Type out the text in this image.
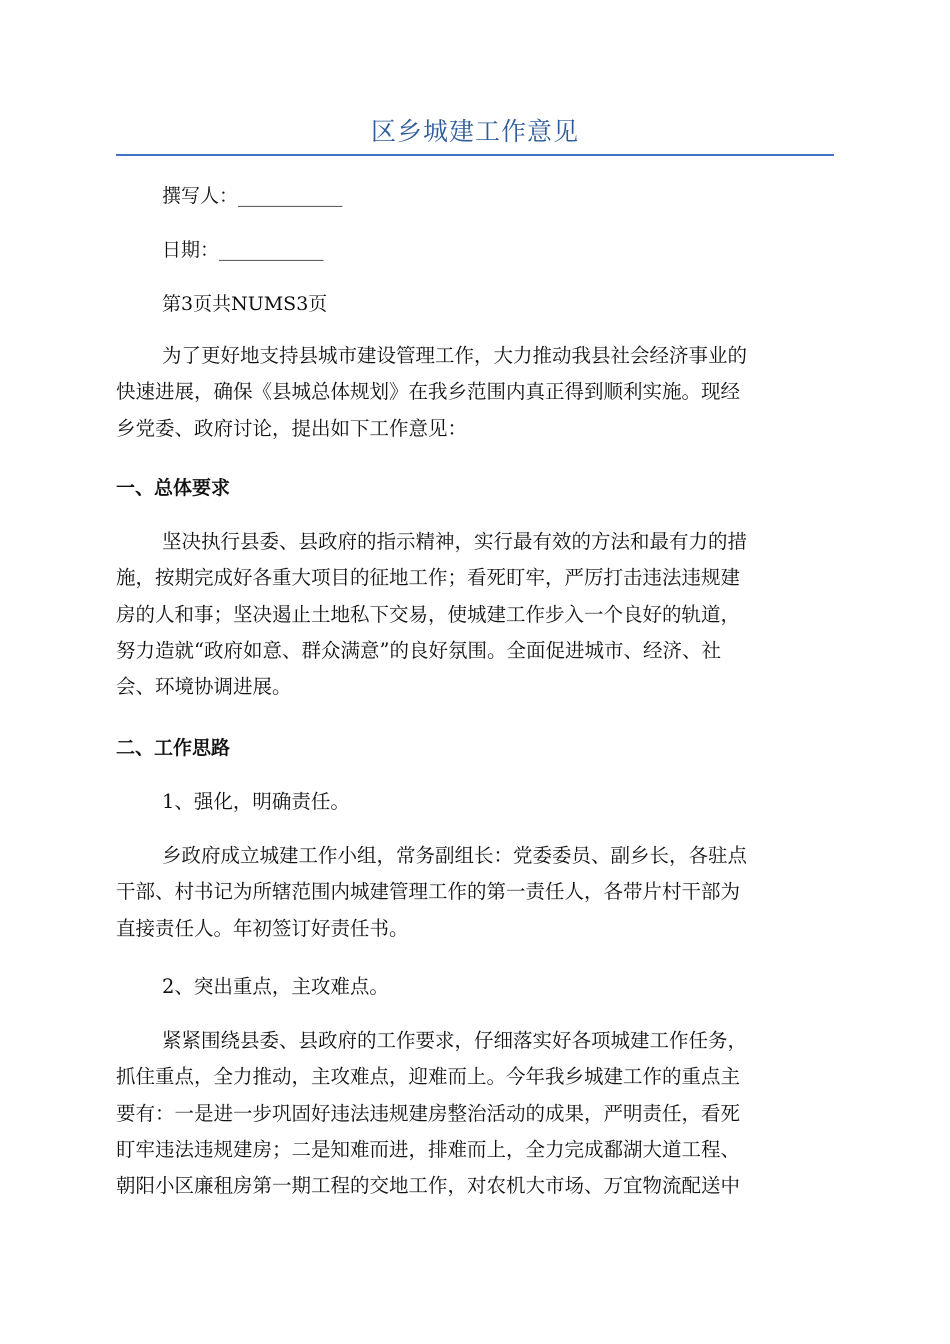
区乡城建工作意见
撰写人：___________
日期：___________
第3页共NUMS3页
为了更好地支持县城市建设管理工作，大力推动我县社会经济事业的
快速进展，确保《县城总体规划》在我乡范围内真正得到顺利实施。现经
乡党委、政府讨论，提出如下工作意见：
一、总体要求
坚决执行县委、县政府的指示精神，实行最有效的方法和最有力的措
施，按期完成好各重大项目的征地工作；看死盯牢，严厉打击违法违规建
房的人和事；坚决遏止土地私下交易，使城建工作步入一个良好的轨道，
努力造就“政府如意、群众满意”的良好氛围。全面促进城市、经济、社
会、环境协调进展。
二、工作思路
1、强化，明确责任。
乡政府成立城建工作小组，常务副组长：党委委员、副乡长，各驻点
干部、村书记为所辖范围内城建管理工作的第一责任人，各带片村干部为
直接责任人。年初签订好责任书。
2、突出重点，主攻难点。
紧紧围绕县委、县政府的工作要求，仔细落实好各项城建工作任务，
抓住重点，全力推动，主攻难点，迎难而上。今年我乡城建工作的重点主
要有：一是进一步巩固好违法违规建房整治活动的成果，严明责任，看死
盯牢违法违规建房；二是知难而进，排难而上，全力完成鄱湖大道工程、
朝阳小区廉租房第一期工程的交地工作，对农机大市场、万宜物流配送中
